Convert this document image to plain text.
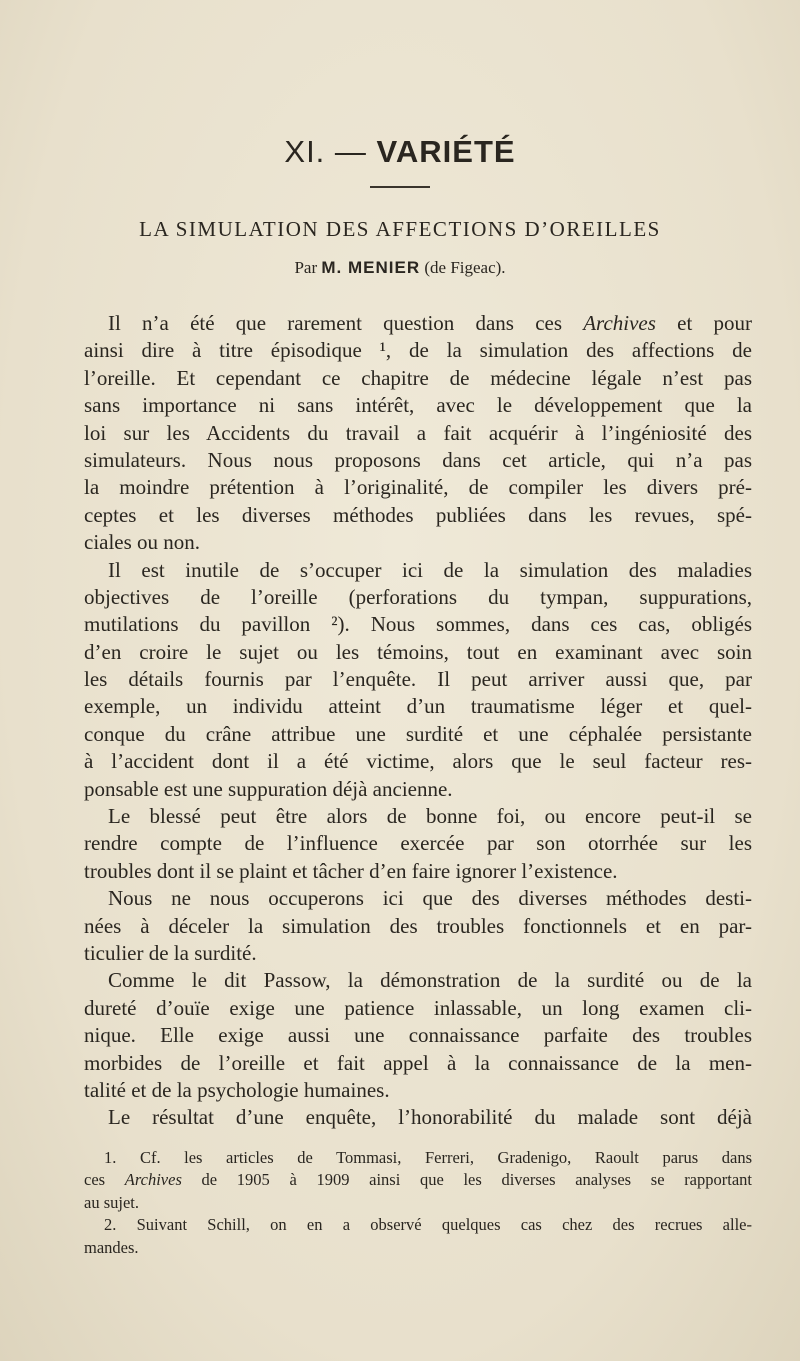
XI. — VARIÉTÉ
LA SIMULATION DES AFFECTIONS D’OREILLES
Par M. MENIER (de Figeac).
Il n’a été que rarement question dans ces Archives et pour
ainsi dire à titre épisodique ¹, de la simulation des affections de
l’oreille. Et cependant ce chapitre de médecine légale n’est pas
sans importance ni sans intérêt, avec le développement que la
loi sur les Accidents du travail a fait acquérir à l’ingéniosité des
simulateurs. Nous nous proposons dans cet article, qui n’a pas
la moindre prétention à l’originalité, de compiler les divers pré-
ceptes et les diverses méthodes publiées dans les revues, spé-
ciales ou non.
Il est inutile de s’occuper ici de la simulation des maladies
objectives de l’oreille (perforations du tympan, suppurations,
mutilations du pavillon ²). Nous sommes, dans ces cas, obligés
d’en croire le sujet ou les témoins, tout en examinant avec soin
les détails fournis par l’enquête. Il peut arriver aussi que, par
exemple, un individu atteint d’un traumatisme léger et quel-
conque du crâne attribue une surdité et une céphalée persistante
à l’accident dont il a été victime, alors que le seul facteur res-
ponsable est une suppuration déjà ancienne.
Le blessé peut être alors de bonne foi, ou encore peut-il se
rendre compte de l’influence exercée par son otorrhée sur les
troubles dont il se plaint et tâcher d’en faire ignorer l’existence.
Nous ne nous occuperons ici que des diverses méthodes desti-
nées à déceler la simulation des troubles fonctionnels et en par-
ticulier de la surdité.
Comme le dit Passow, la démonstration de la surdité ou de la
dureté d’ouïe exige une patience inlassable, un long examen cli-
nique. Elle exige aussi une connaissance parfaite des troubles
morbides de l’oreille et fait appel à la connaissance de la men-
talité et de la psychologie humaines.
Le résultat d’une enquête, l’honorabilité du malade sont déjà
1. Cf. les articles de Tommasi, Ferreri, Gradenigo, Raoult parus dans
ces Archives de 1905 à 1909 ainsi que les diverses analyses se rapportant
au sujet.
2. Suivant Schill, on en a observé quelques cas chez des recrues alle-
mandes.
